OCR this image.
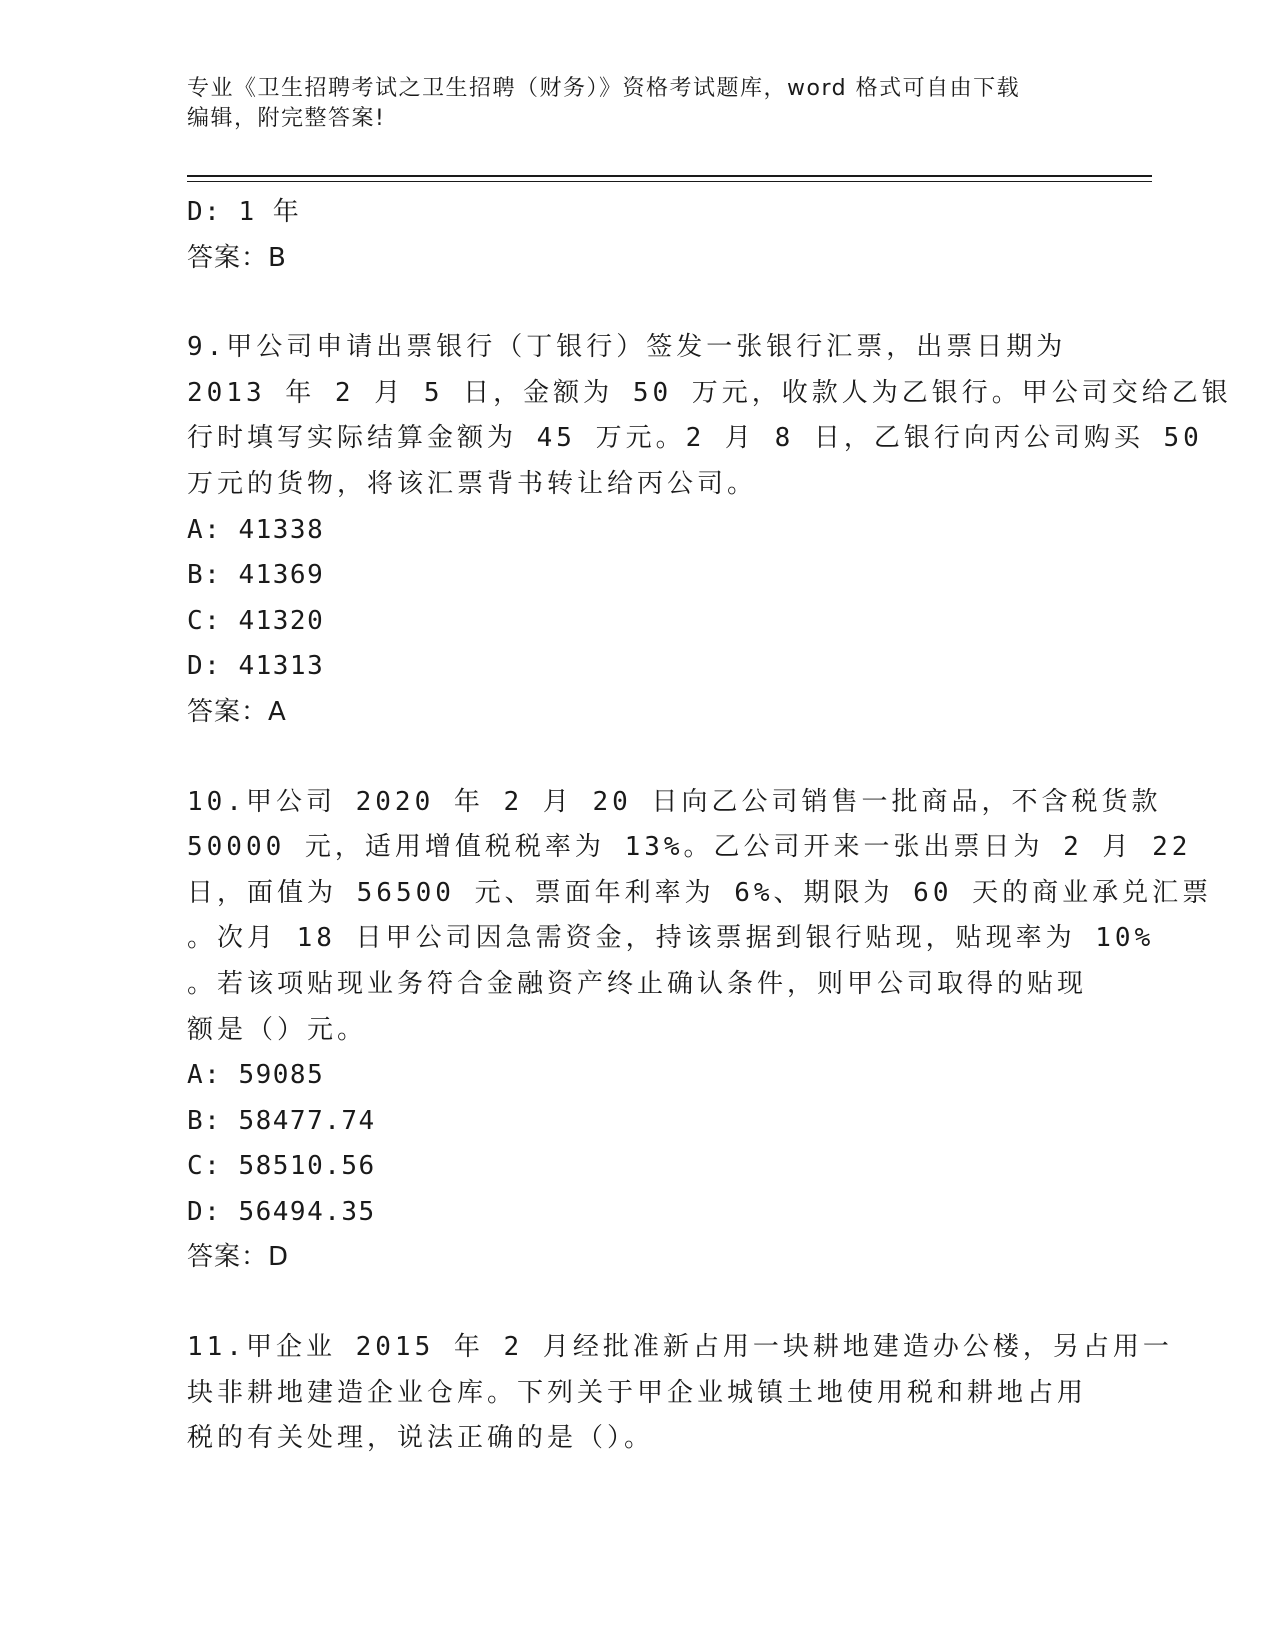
专业《卫生招聘考试之卫生招聘（财务）》资格考试题库，word 格式可自由下载
编辑，附完整答案!
D: 1 年
答案：B
9.甲公司申请出票银行（丁银行）签发一张银行汇票，出票日期为
2013 年 2 月 5 日，金额为 50 万元，收款人为乙银行。甲公司交给乙银
行时填写实际结算金额为 45 万元。2 月 8 日，乙银行向丙公司购买 50
万元的货物，将该汇票背书转让给丙公司。
A: 41338
B: 41369
C: 41320
D: 41313
答案：A
10.甲公司 2020 年 2 月 20 日向乙公司销售一批商品，不含税货款
50000 元，适用增值税税率为 13%。乙公司开来一张出票日为 2 月 22
日，面值为 56500 元、票面年利率为 6%、期限为 60 天的商业承兑汇票
。次月 18 日甲公司因急需资金，持该票据到银行贴现，贴现率为 10%
。若该项贴现业务符合金融资产终止确认条件，则甲公司取得的贴现
额是（）元。
A: 59085
B: 58477.74
C: 58510.56
D: 56494.35
答案：D
11.甲企业 2015 年 2 月经批准新占用一块耕地建造办公楼，另占用一
块非耕地建造企业仓库。下列关于甲企业城镇土地使用税和耕地占用
税的有关处理，说法正确的是（）。
